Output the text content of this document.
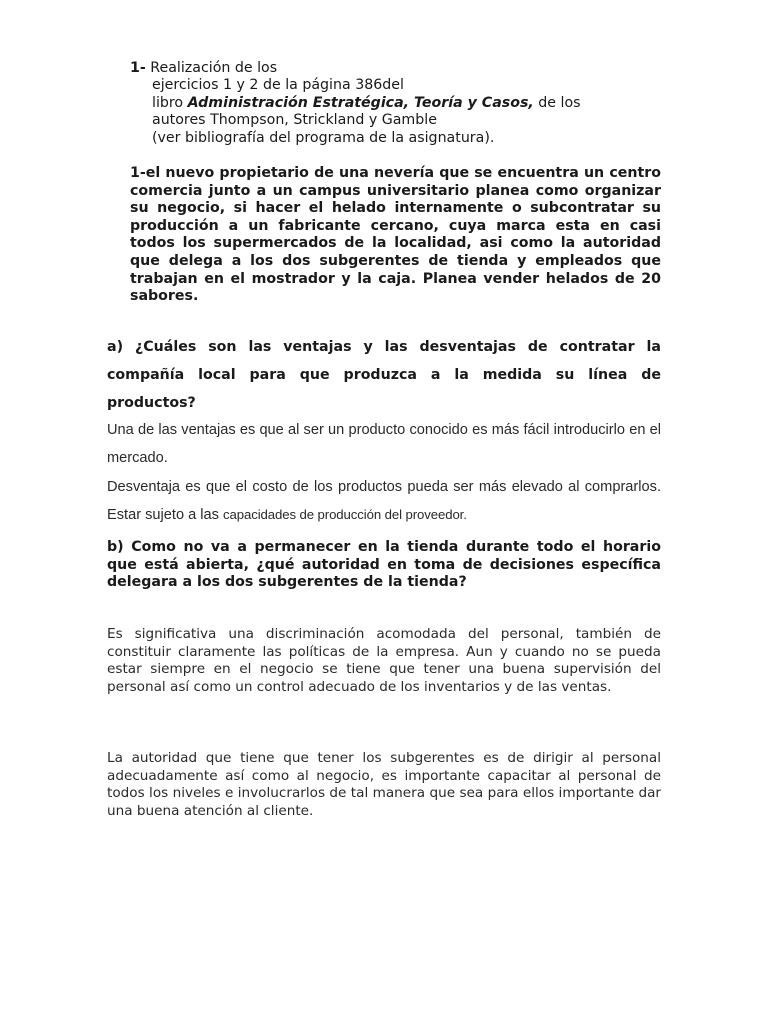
1- Realización de los
ejercicios 1 y 2 de la página 386del
libro Administración Estratégica, Teoría y Casos, de los
autores Thompson, Strickland y Gamble
(ver bibliografía del programa de la asignatura).
1-el nuevo propietario de una nevería que se encuentra un centro comercia junto a un campus universitario planea como organizar su negocio, si hacer el helado internamente o subcontratar su producción a un fabricante cercano, cuya marca esta en casi todos los supermercados de la localidad, asi como la autoridad que delega a los dos subgerentes de tienda y empleados que trabajan en el mostrador y la caja. Planea vender helados de 20 sabores.
a) ¿Cuáles son las ventajas y las desventajas de contratar la compañía local para que produzca a la medida su línea de productos?
Una de las ventajas es que al ser un producto conocido es más fácil introducirlo en el mercado.
Desventaja es que el costo de los productos pueda ser más elevado al comprarlos. Estar sujeto a las capacidades de producción del proveedor.
b) Como no va a permanecer en la tienda durante todo el horario que está abierta, ¿qué autoridad en toma de decisiones específica delegara a los dos subgerentes de la tienda?
Es significativa una discriminación acomodada del personal, también de constituir claramente las políticas de la empresa. Aun y cuando no se pueda estar siempre en el negocio se tiene que tener una buena supervisión del personal así como un control adecuado de los inventarios y de las ventas.
La autoridad que tiene que tener los subgerentes es de dirigir al personal adecuadamente así como al negocio, es importante capacitar al personal de todos los niveles e involucrarlos de tal manera que sea para ellos importante dar una buena atención al cliente.
